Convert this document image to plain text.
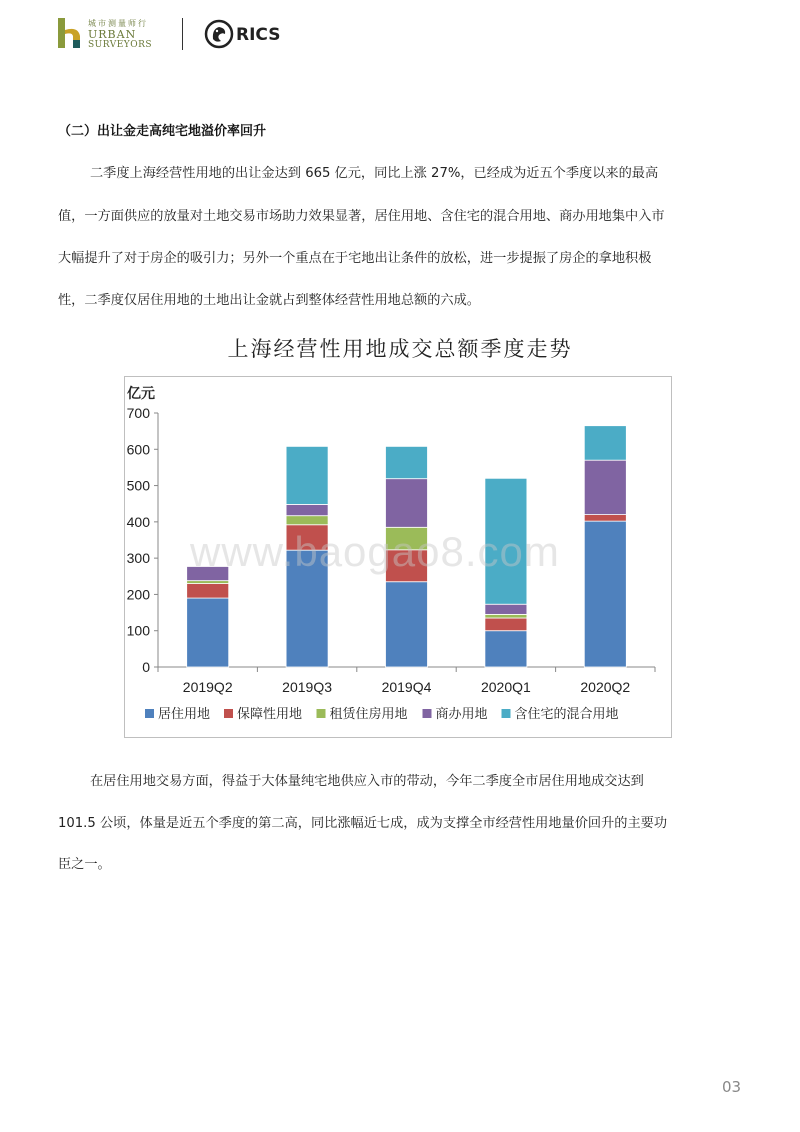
城市测量师行
URBAN
SURVEYORS	RICS
（二）出让金走高纯宅地溢价率回升
二季度上海经营性用地的出让金达到 665 亿元，同比上涨 27%，已经成为近五个季度以来的最高
值，一方面供应的放量对土地交易市场助力效果显著，居住用地、含住宅的混合用地、商办用地集中入市
大幅提升了对于房企的吸引力；另外一个重点在于宅地出让条件的放松，进一步提振了房企的拿地积极
性，二季度仅居住用地的土地出让金就占到整体经营性用地总额的六成。
上海经营性用地成交总额季度走势
0
100
200
300
400
500
600
700
亿元
2019Q2	2019Q3	2019Q4	2020Q1	2020Q2
居住用地 保障性用地 租赁住房用地 商办用地 含住宅的混合用地
www.baogao8.com
在居住用地交易方面，得益于大体量纯宅地供应入市的带动，今年二季度全市居住用地成交达到
101.5 公顷，体量是近五个季度的第二高，同比涨幅近七成，成为支撑全市经营性用地量价回升的主要功
臣之一。
03
